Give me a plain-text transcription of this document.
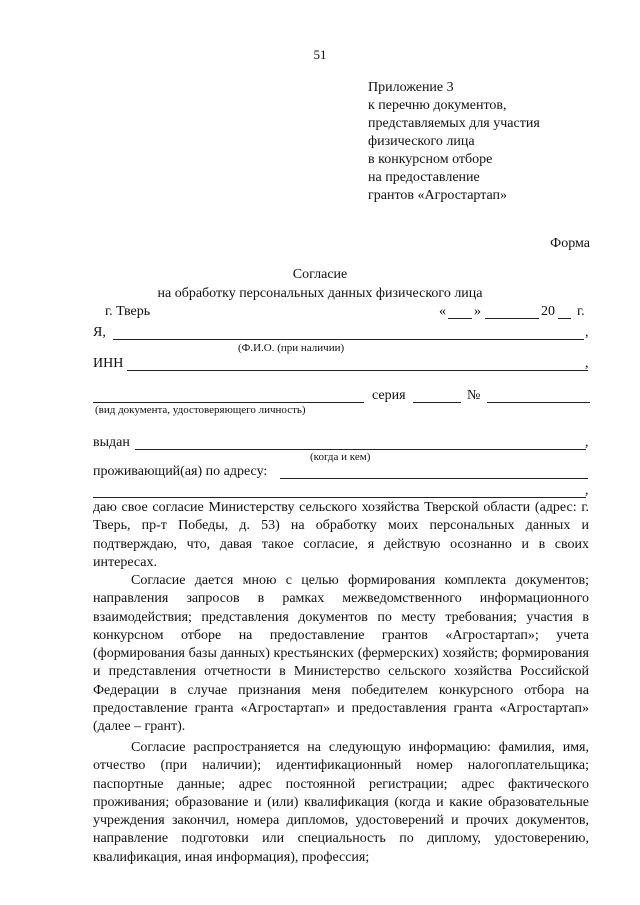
51
Приложение 3
к перечню документов,
представляемых для участия
физического лица
в конкурсном отборе
на предоставление
грантов «Агростартап»
Форма
Согласие
на обработку персональных данных физического лица
г. Тверь	« »	20 г.
Я,	,
(Ф.И.О. (при наличии)
ИНН	,
серия	№
(вид документа, удостоверяющего личность)
выдан	,
(когда и кем)
проживающий(ая) по адресу:
,
даю свое согласие Министерству сельского хозяйства Тверской области (адрес: г. Тверь, пр-т Победы, д. 53) на обработку моих персональных данных и подтверждаю, что, давая такое согласие, я действую осознанно и в своих интересах.
Согласие дается мною с целью формирования комплекта документов; направления запросов в рамках межведомственного информационного взаимодействия; представления документов по месту требования; участия в конкурсном отборе на предоставление грантов «Агростартап»; учета (формирования базы данных) крестьянских (фермерских) хозяйств; формирования и представления отчетности в Министерство сельского хозяйства Российской Федерации в случае признания меня победителем конкурсного отбора на предоставление гранта «Агростартап» и предоставления гранта «Агростартап» (далее – грант).
Согласие распространяется на следующую информацию: фамилия, имя, отчество (при наличии); идентификационный номер налогоплательщика; паспортные данные; адрес постоянной регистрации; адрес фактического проживания; образование и (или) квалификация (когда и какие образовательные учреждения закончил, номера дипломов, удостоверений и прочих документов, направление подготовки или специальность по диплому, удостоверению, квалификация, иная информация), профессия;
